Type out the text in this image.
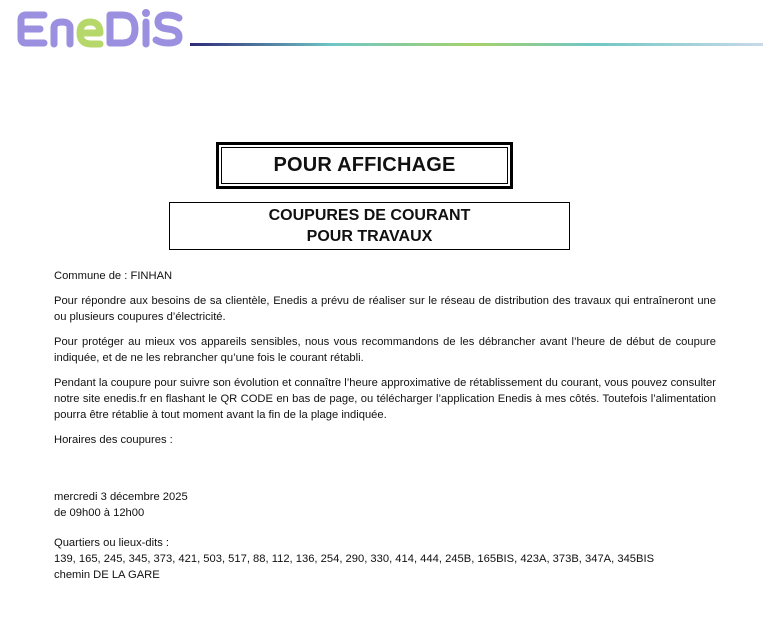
POUR AFFICHAGE
COUPURES DE COURANT
POUR TRAVAUX

Commune de : FINHAN

Pour répondre aux besoins de sa clientèle, Enedis a prévu de réaliser sur le réseau de distribution des travaux qui entraîneront une ou plusieurs coupures d’électricité.

Pour protéger au mieux vos appareils sensibles, nous vous recommandons de les débrancher avant l’heure de début de coupure indiquée, et de ne les rebrancher qu’une fois le courant rétabli.

Pendant la coupure pour suivre son évolution et connaître l’heure approximative de rétablissement du courant, vous pouvez consulter notre site enedis.fr en flashant le QR CODE en bas de page, ou télécharger l’application Enedis à mes côtés. Toutefois l’alimentation pourra être rétablie à tout moment avant la fin de la plage indiquée.

Horaires des coupures :

mercredi 3 décembre 2025
de 09h00 à 12h00
Quartiers ou lieux-dits :
139, 165, 245, 345, 373, 421, 503, 517, 88, 112, 136, 254, 290, 330, 414, 444, 245B, 165BIS, 423A, 373B, 347A, 345BIS
chemin DE LA GARE
